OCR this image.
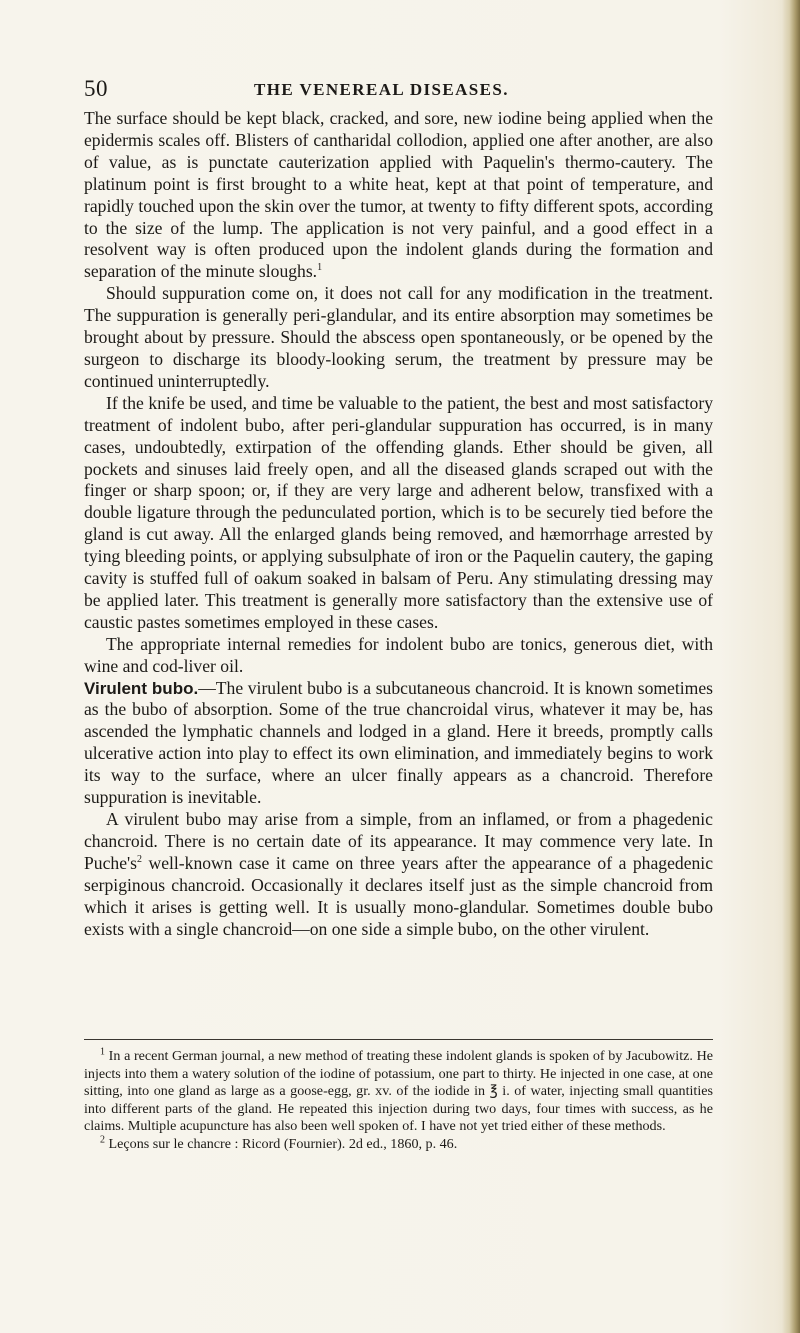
50	THE VENEREAL DISEASES.

The surface should be kept black, cracked, and sore, new iodine being applied when the epidermis scales off. Blisters of cantharidal collodion, applied one after another, are also of value, as is punctate cauterization applied with Paquelin's thermo-cautery. The platinum point is first brought to a white heat, kept at that point of temperature, and rapidly touched upon the skin over the tumor, at twenty to fifty different spots, according to the size of the lump. The application is not very painful, and a good effect in a resolvent way is often produced upon the indolent glands during the formation and separation of the minute sloughs.$^1$

Should suppuration come on, it does not call for any modification in the treatment. The suppuration is generally peri-glandular, and its entire absorption may sometimes be brought about by pressure. Should the abscess open spontaneously, or be opened by the surgeon to discharge its bloody-looking serum, the treatment by pressure may be continued uninterruptedly.

If the knife be used, and time be valuable to the patient, the best and most satisfactory treatment of indolent bubo, after peri-glandular suppuration has occurred, is in many cases, undoubtedly, extirpation of the offending glands. Ether should be given, all pockets and sinuses laid freely open, and all the diseased glands scraped out with the finger or sharp spoon; or, if they are very large and adherent below, transfixed with a double ligature through the pedunculated portion, which is to be securely tied before the gland is cut away. All the enlarged glands being removed, and hæmorrhage arrested by tying bleeding points, or applying subsulphate of iron or the Paquelin cautery, the gaping cavity is stuffed full of oakum soaked in balsam of Peru. Any stimulating dressing may be applied later. This treatment is generally more satisfactory than the extensive use of caustic pastes sometimes employed in these cases.

The appropriate internal remedies for indolent bubo are tonics, generous diet, with wine and cod-liver oil.

Virulent bubo.—The virulent bubo is a subcutaneous chancroid. It is known sometimes as the bubo of absorption. Some of the true chancroidal virus, whatever it may be, has ascended the lymphatic channels and lodged in a gland. Here it breeds, promptly calls ulcerative action into play to effect its own elimination, and immediately begins to work its way to the surface, where an ulcer finally appears as a chancroid. Therefore suppuration is inevitable.

A virulent bubo may arise from a simple, from an inflamed, or from a phagedenic chancroid. There is no certain date of its appearance. It may commence very late. In $Puche's^2$ well-known case it came on three years after the appearance of a phagedenic serpiginous chancroid. Occasionally it declares itself just as the simple chancroid from which it arises is getting well. It is usually mono-glandular. Sometimes double bubo exists with a single chancroid—on one side a simple bubo, on the other virulent.

$^1$ In a recent German journal, a new method of treating these indolent glands is spoken of by Jacubowitz. He injects into them a watery solution of the iodine of potassium, one part to thirty. He injected in one case, at one sitting, into one gland as large as a goose-egg, gr. xv. of the iodide in ℥ i. of water, injecting small quantities into different parts of the gland. He repeated this injection during two days, four times with success, as he claims. Multiple acupuncture has also been well spoken of. I have not yet tried either of these methods.

$^2$ Leçons sur le chancre : Ricord (Fournier). 2d ed., 1860, p. 46.
